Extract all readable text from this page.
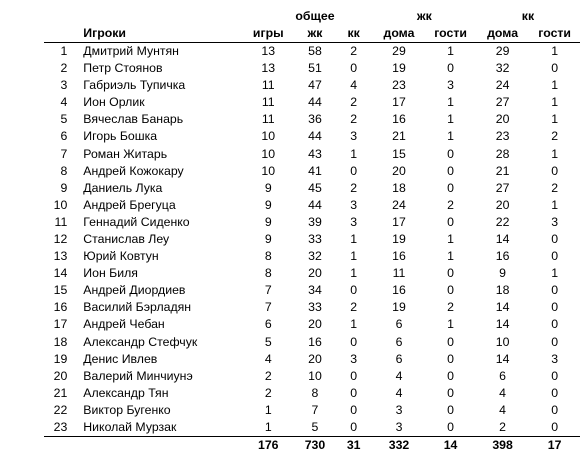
			общее		жк		кк	
	Игроки	игры	жк	кк	дома	гости	дома	гости
1	Дмитрий Мунтян	13	58	2	29	1	29	1
2	Петр Стоянов	13	51	0	19	0	32	0
3	Габриэль Тупичка	11	47	4	23	3	24	1
4	Ион Орлик	11	44	2	17	1	27	1
5	Вячеслав Банарь	11	36	2	16	1	20	1
6	Игорь Бошка	10	44	3	21	1	23	2
7	Роман Житарь	10	43	1	15	0	28	1
8	Андрей Кожокару	10	41	0	20	0	21	0
9	Даниель Лука	9	45	2	18	0	27	2
10	Андрей Брегуца	9	44	3	24	2	20	1
11	Геннадий Сиденко	9	39	3	17	0	22	3
12	Станислав Леу	9	33	1	19	1	14	0
13	Юрий Ковтун	8	32	1	16	1	16	0
14	Ион Биля	8	20	1	11	0	9	1
15	Андрей Диордиев	7	34	0	16	0	18	0
16	Василий Бэрладян	7	33	2	19	2	14	0
17	Андрей Чебан	6	20	1	6	1	14	0
18	Александр Стефчук	5	16	0	6	0	10	0
19	Денис Ивлев	4	20	3	6	0	14	3
20	Валерий Минчиунэ	2	10	0	4	0	6	0
21	Александр Тян	2	8	0	4	0	4	0
22	Виктор Бугенко	1	7	0	3	0	4	0
23	Николай Мурзак	1	5	0	3	0	2	0
		176	730	31	332	14	398	17
